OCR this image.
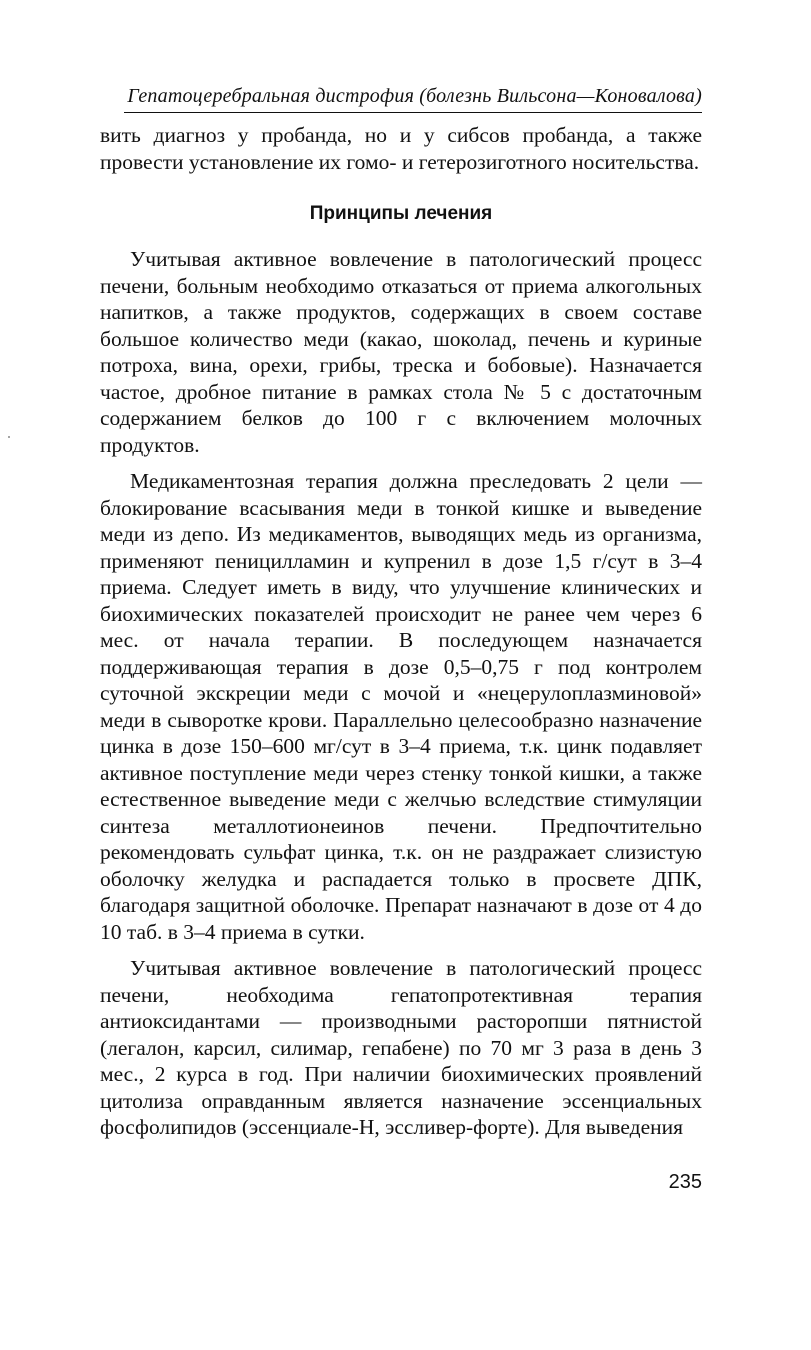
Гепатоцеребральная дистрофия (болезнь Вильсона—Коновалова)

вить диагноз у пробанда, но и у сибсов пробанда, а также провести установление их гомо- и гетерозиготного носительства.

Принципы лечения

Учитывая активное вовлечение в патологический процесс печени, больным необходимо отказаться от приема алкогольных напитков, а также продуктов, содержащих в своем составе большое количество меди (какао, шоколад, печень и куриные потроха, вина, орехи, грибы, треска и бобовые). Назначается частое, дробное питание в рамках стола № 5 с достаточным содержанием белков до 100 г с включением молочных продуктов.

Медикаментозная терапия должна преследовать 2 цели — блокирование всасывания меди в тонкой кишке и выведение меди из депо. Из медикаментов, выводящих медь из организма, применяют пеницилламин и купренил в дозе 1,5 г/сут в 3–4 приема. Следует иметь в виду, что улучшение клинических и биохимических показателей происходит не ранее чем через 6 мес. от начала терапии. В последующем назначается поддерживающая терапия в дозе 0,5–0,75 г под контролем суточной экскреции меди с мочой и «нецерулоплазминовой» меди в сыворотке крови. Параллельно целесообразно назначение цинка в дозе 150–600 мг/сут в 3–4 приема, т.к. цинк подавляет активное поступление меди через стенку тонкой кишки, а также естественное выведение меди с желчью вследствие стимуляции синтеза металлотионеинов печени. Предпочтительно рекомендовать сульфат цинка, т.к. он не раздражает слизистую оболочку желудка и распадается только в просвете ДПК, благодаря защитной оболочке. Препарат назначают в дозе от 4 до 10 таб. в 3–4 приема в сутки.

Учитывая активное вовлечение в патологический процесс печени, необходима гепатопротективная терапия антиоксидантами — производными расторопши пятнистой (легалон, карсил, силимар, гепабене) по 70 мг 3 раза в день 3 мес., 2 курса в год. При наличии биохимических проявлений цитолиза оправданным является назначение эссенциальных фосфолипидов (эссенциале-Н, эссливер-форте). Для выведения

235
